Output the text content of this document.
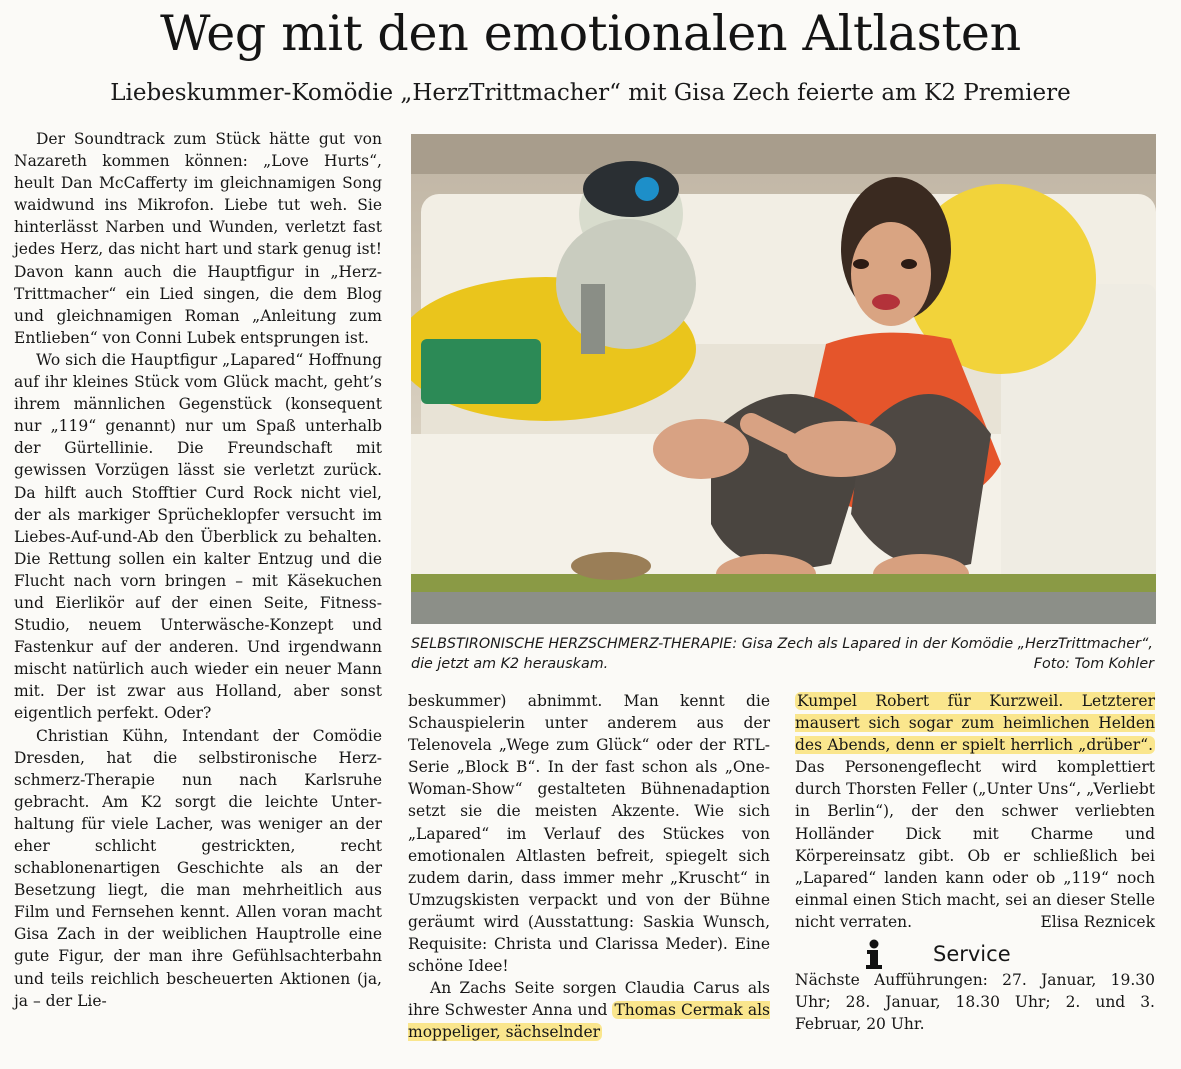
Weg mit den emotionalen Altlasten
Liebeskummer-Komödie „HerzTrittmacher“ mit Gisa Zech feierte am K2 Premiere

Der Soundtrack zum Stück hätte gut von Nazareth kommen können: „Love Hurts“, heult Dan McCafferty im gleichnamigen Song waidwund ins Mikrofon. Liebe tut weh. Sie hinterlässt Narben und Wunden, verletzt fast jedes Herz, das nicht hart und stark genug ist! Davon kann auch die Hauptfigur in „Herz-Trittmacher“ ein Lied singen, die dem Blog und gleichnamigen Roman „Anleitung zum Entlieben“ von Conni Lubek entsprungen ist.

Wo sich die Hauptfigur „Lapared“ Hoffnung auf ihr kleines Stück vom Glück macht, geht’s ihrem männlichen Gegenstück (konsequent nur „119“ genannt) nur um Spaß unterhalb der Gürtellinie. Die Freundschaft mit gewissen Vorzügen lässt sie verletzt zurück. Da hilft auch Stofftier Curd Rock nicht viel, der als markiger Sprücheklopfer versucht im Liebes-Auf-und-Ab den Überblick zu behalten. Die Rettung sollen ein kalter Entzug und die Flucht nach vorn bringen – mit Käsekuchen und Eierlikör auf der einen Seite, Fitness-Studio, neuem Unterwäsche-Konzept und Fastenkur auf der anderen. Und irgendwann mischt natürlich auch wieder ein neuer Mann mit. Der ist zwar aus Holland, aber sonst eigentlich perfekt. Oder?

Christian Kühn, Intendant der Comödie Dresden, hat die selbstironische Herzschmerz-Therapie nun nach Karlsruhe gebracht. Am K2 sorgt die leichte Unterhaltung für viele Lacher, was weniger an der eher schlicht gestrickten, recht schablonenartigen Geschichte als an der Besetzung liegt, die man mehrheitlich aus Film und Fernsehen kennt. Allen voran macht Gisa Zach in der weiblichen Hauptrolle eine gute Figur, der man ihre Gefühlsachterbahn und teils reichlich bescheuerten Aktionen (ja, ja – der Lie-

SELBSTIRONISCHE HERZSCHMERZ-THERAPIE: Gisa Zech als Lapared in der Komödie „HerzTrittmacher“, die jetzt am K2 herauskam.	Foto: Tom Kohler

beskummer) abnimmt. Man kennt die Schauspielerin unter anderem aus der Telenovela „Wege zum Glück“ oder der RTL-Serie „Block B“. In der fast schon als „One-Woman-Show“ gestalteten Bühnenadaption setzt sie die meisten Akzente. Wie sich „Lapared“ im Verlauf des Stückes von emotionalen Altlasten befreit, spiegelt sich zudem darin, dass immer mehr „Kruscht“ in Umzugskisten verpackt und von der Bühne geräumt wird (Ausstattung: Saskia Wunsch, Requisite: Christa und Clarissa Meder). Eine schöne Idee!

An Zachs Seite sorgen Claudia Carus als ihre Schwester Anna und Thomas Cermak als moppeliger, sächselnder

Kumpel Robert für Kurzweil. Letzterer mausert sich sogar zum heimlichen Helden des Abends, denn er spielt herrlich „drüber“. Das Personengeflecht wird komplettiert durch Thorsten Feller („Unter Uns“, „Verliebt in Berlin“), der den schwer verliebten Holländer Dick mit Charme und Körpereinsatz gibt. Ob er schließlich bei „Lapared“ landen kann oder ob „119“ noch einmal einen Stich macht, sei an dieser Stelle nicht verraten.	Elisa Reznicek

Service

Nächste Aufführungen: 27. Januar, 19.30 Uhr; 28. Januar, 18.30 Uhr; 2. und 3. Februar, 20 Uhr.
